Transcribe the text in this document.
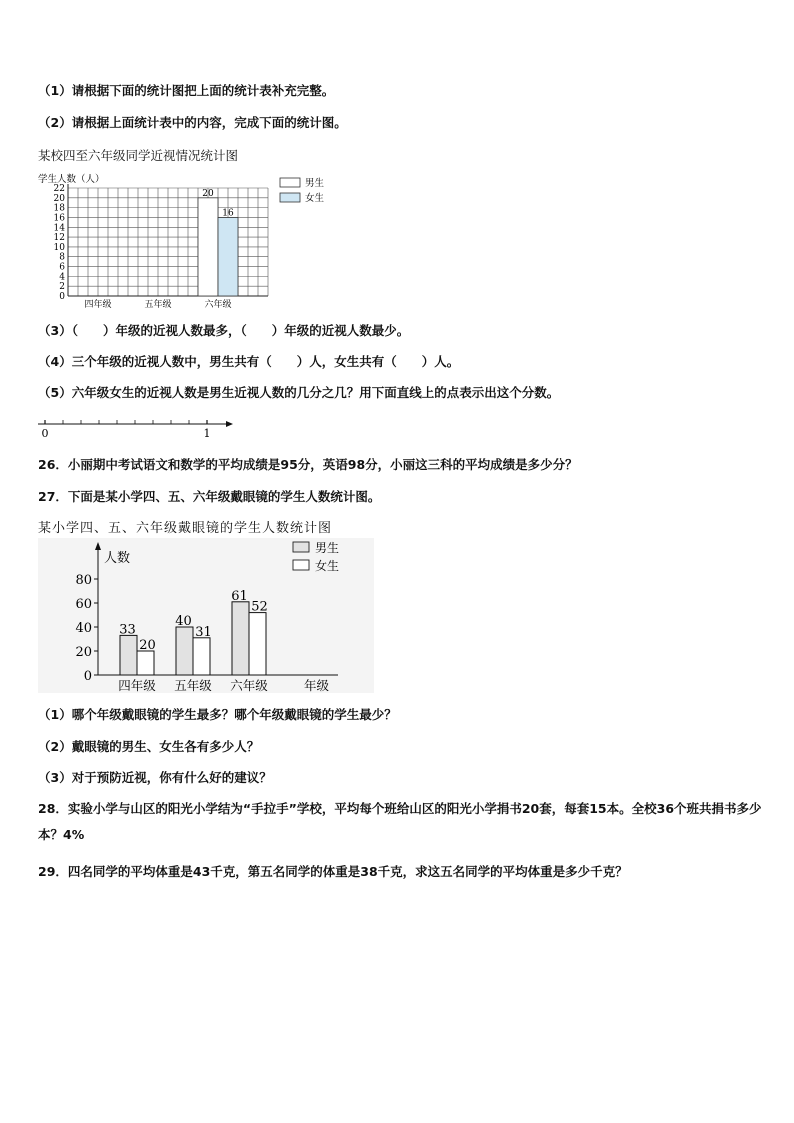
（1）请根据下面的统计图把上面的统计表补充完整。
（2）请根据上面统计表中的内容，完成下面的统计图。
某校四至六年级同学近视情况统计图
20
16
0
2
4
6
8
10
12
14
16
18
20
22
四年级	五年级	六年级
学生人数（人）	男生
女生
（3）（　　）年级的近视人数最多，（　　）年级的近视人数最少。
（4）三个年级的近视人数中，男生共有（　　）人，女生共有（　　）人。
（5）六年级女生的近视人数是男生近视人数的几分之几？用下面直线上的点表示出这个分数。
0	1
26．小丽期中考试语文和数学的平均成绩是95分，英语98分，小丽这三科的平均成绩是多少分？
27．下面是某小学四、五、六年级戴眼镜的学生人数统计图。
某小学四、五、六年级戴眼镜的学生人数统计图
0
20
40
60
80
33
20
40
31
61
52
四年级 五年级 六年级
人数
年级
男生
女生
（1）哪个年级戴眼镜的学生最多？哪个年级戴眼镜的学生最少？
（2）戴眼镜的男生、女生各有多少人？
（3）对于预防近视，你有什么好的建议？
28．实验小学与山区的阳光小学结为“手拉手”学校，平均每个班给山区的阳光小学捐书20套，每套15本。全校36个班共捐书多少本？4%
29．四名同学的平均体重是43千克，第五名同学的体重是38千克，求这五名同学的平均体重是多少千克？
